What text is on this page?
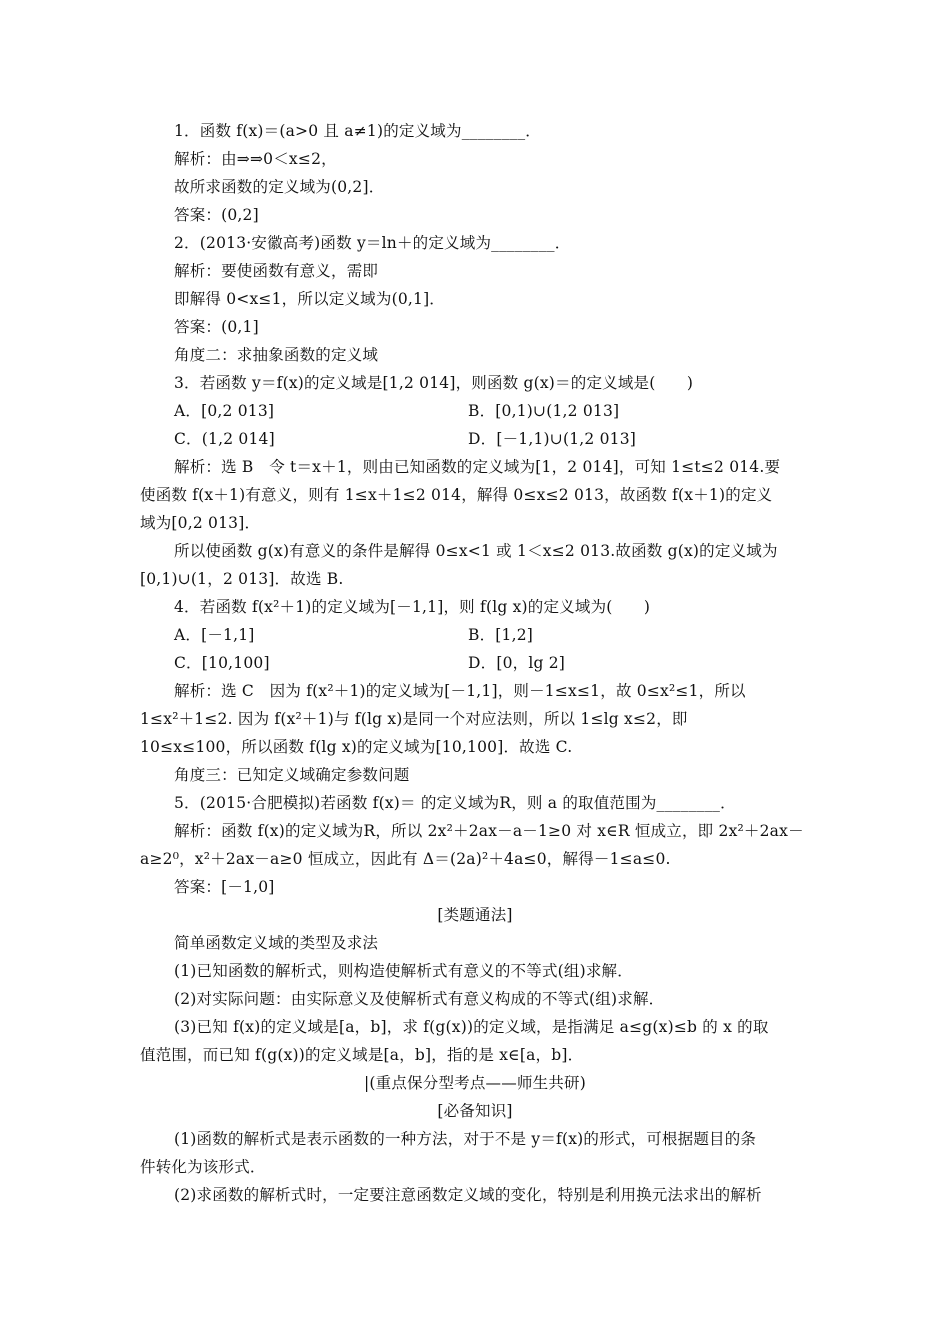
1．函数 f(x)＝(a>0 且 a≠1)的定义域为________．
解析：由⇒⇒0＜x≤2，
故所求函数的定义域为(0,2]．
答案：(0,2]
2．(2013·安徽高考)函数 y＝ln＋的定义域为________．
解析：要使函数有意义，需即
即解得 0<x≤1，所以定义域为(0,1]．
答案：(0,1]
角度二：求抽象函数的定义域
3．若函数 y＝f(x)的定义域是[1,2 014]，则函数 g(x)＝的定义域是(　　)
A．[0,2 013]	B．[0,1)∪(1,2 013]
C．(1,2 014]	D．[－1,1)∪(1,2 013]
解析：选 B　令 t＝x＋1，则由已知函数的定义域为[1，2 014]，可知 1≤t≤2 014.要
使函数 f(x＋1)有意义，则有 1≤x＋1≤2 014，解得 0≤x≤2 013，故函数 f(x＋1)的定义
域为[0,2 013]．
所以使函数 g(x)有意义的条件是解得 0≤x<1 或 1＜x≤2 013.故函数 g(x)的定义域为
[0,1)∪(1，2 013]．故选 B.
4．若函数 f(x²＋1)的定义域为[－1,1]，则 f(lg x)的定义域为(　　)
A．[－1,1]	B．[1,2]
C．[10,100]	D．[0，lg 2]
解析：选 C　因为 f(x²＋1)的定义域为[－1,1]，则－1≤x≤1，故 0≤x²≤1，所以
1≤x²＋1≤2. 因为 f(x²＋1)与 f(lg x)是同一个对应法则，所以 1≤lg x≤2，即
10≤x≤100，所以函数 f(lg x)的定义域为[10,100]．故选 C.
角度三：已知定义域确定参数问题
5．(2015·合肥模拟)若函数 f(x)＝ 的定义域为R，则 a 的取值范围为________．
解析：函数 f(x)的定义域为R，所以 2x²＋2ax－a－1≥0 对 x∈R 恒成立，即 2x²＋2ax－
a≥2⁰，x²＋2ax－a≥0 恒成立，因此有 Δ＝(2a)²＋4a≤0，解得－1≤a≤0.
答案：[－1,0]
[类题通法]
简单函数定义域的类型及求法
(1)已知函数的解析式，则构造使解析式有意义的不等式(组)求解．
(2)对实际问题：由实际意义及使解析式有意义构成的不等式(组)求解．
(3)已知 f(x)的定义域是[a，b]，求 f(g(x))的定义域，是指满足 a≤g(x)≤b 的 x 的取
值范围，而已知 f(g(x))的定义域是[a，b]，指的是 x∈[a，b]．
|(重点保分型考点——师生共研)
[必备知识]
(1)函数的解析式是表示函数的一种方法，对于不是 y＝f(x)的形式，可根据题目的条
件转化为该形式．
(2)求函数的解析式时，一定要注意函数定义域的变化，特别是利用换元法求出的解析
